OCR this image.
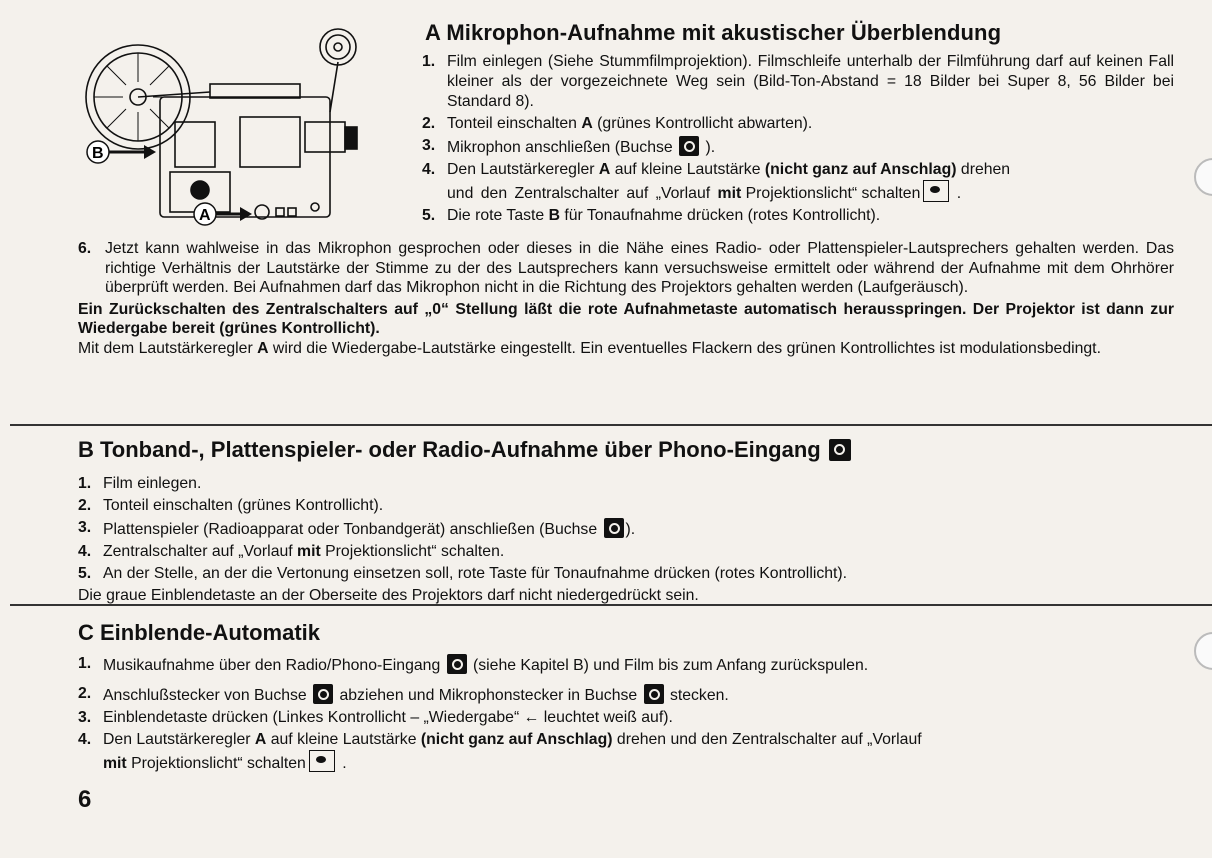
B
A
A Mikrophon-Aufnahme mit akustischer Überblendung
1. Film einlegen (Siehe Stummfilmprojektion). Filmschleife unterhalb der Filmführung darf auf keinen Fall kleiner als der vorgezeichnete Weg sein (Bild-Ton-Abstand = 18 Bilder bei Super 8, 56 Bilder bei Standard 8).
2. Tonteil einschalten A (grünes Kontrollicht abwarten).
3. Mikrophon anschließen (Buchse  ).
4. Den Lautstärkeregler A auf kleine Lautstärke (nicht ganz auf Anschlag) drehen
und den Zentralschalter auf „Vorlauf mit Projektionslicht“ schalten .
5. Die rote Taste B für Tonaufnahme drücken (rotes Kontrollicht).
6. Jetzt kann wahlweise in das Mikrophon gesprochen oder dieses in die Nähe eines Radio- oder Plattenspieler-Lautsprechers gehalten werden. Das richtige Verhältnis der Lautstärke der Stimme zu der des Lautsprechers kann versuchsweise ermittelt oder während der Aufnahme mit dem Ohrhörer überprüft werden. Bei Aufnahmen darf das Mikrophon nicht in die Richtung des Projektors gehalten werden (Laufgeräusch).
Ein Zurückschalten des Zentralschalters auf „0“ Stellung läßt die rote Aufnahmetaste automatisch herausspringen. Der Projektor ist dann zur Wiedergabe bereit (grünes Kontrollicht).
Mit dem Lautstärkeregler A wird die Wiedergabe-Lautstärke eingestellt. Ein eventuelles Flackern des grünen Kontrollichtes ist modulationsbedingt.
B Tonband-, Plattenspieler- oder Radio-Aufnahme über Phono-Eingang
1. Film einlegen.
2. Tonteil einschalten (grünes Kontrollicht).
3. Plattenspieler (Radioapparat oder Tonbandgerät) anschließen (Buchse ).
4. Zentralschalter auf „Vorlauf mit Projektionslicht“ schalten.
5. An der Stelle, an der die Vertonung einsetzen soll, rote Taste für Tonaufnahme drücken (rotes Kontrollicht).
Die graue Einblendetaste an der Oberseite des Projektors darf nicht niedergedrückt sein.
C Einblende-Automatik
1. Musikaufnahme über den Radio/Phono-Eingang  (siehe Kapitel B) und Film bis zum Anfang zurückspulen.
2. Anschlußstecker von Buchse  abziehen und Mikrophonstecker in Buchse  stecken.
3. Einblendetaste drücken (Linkes Kontrollicht – „Wiedergabe“ ← leuchtet weiß auf).
4. Den Lautstärkeregler A auf kleine Lautstärke (nicht ganz auf Anschlag) drehen und den Zentralschalter auf „Vorlauf
mit Projektionslicht“ schalten .
6
